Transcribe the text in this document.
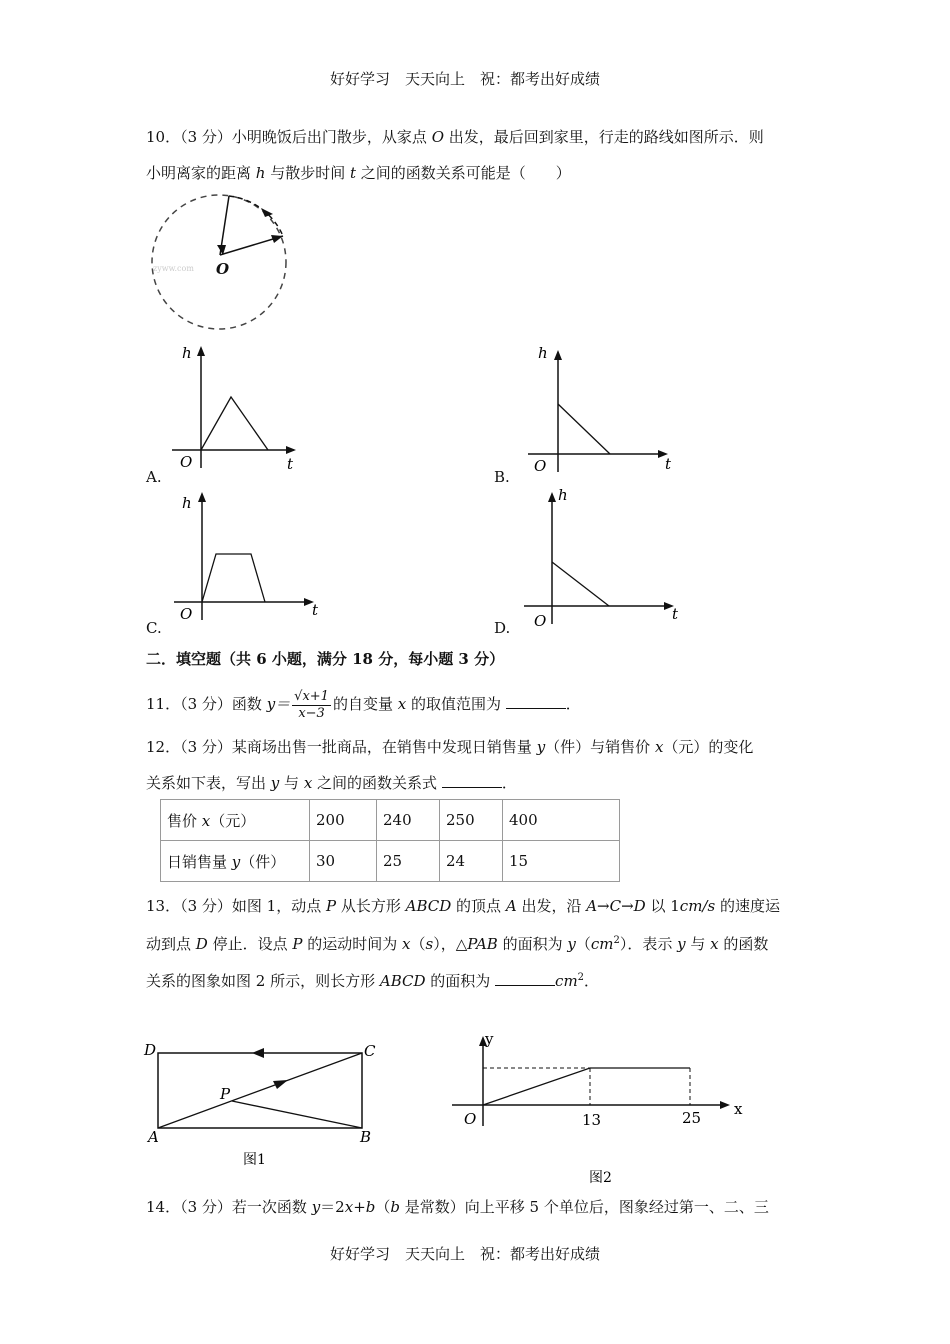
好好学习　天天向上　祝：都考出好成绩
10．（3 分）小明晚饭后出门散步，从家点 O 出发，最后回到家里，行走的路线如图所示．则
小明离家的距离 h 与散步时间 t 之间的函数关系可能是（　　）
zyww.com O
h
t
O
A.
h
t
O
B.
h
t
O
C.
h
t
O
D.
二．填空题（共 6 小题，满分 18 分，每小题 3 分）
11．（3 分）函数 $y= \frac{√x+1}{x-3}$ 的自变量 x 的取值范围为	．
12．（3 分）某商场出售一批商品，在销售中发现日销售量 y（件）与销售价 x（元）的变化
关系如下表，写出 y 与 x 之间的函数关系式	．
售价 x（元）	200	240	250	400
日销售量 y（件）	30	25	24	15
13．（3 分）如图 1，动点 P 从长方形 ABCD 的顶点 A 出发，沿 A→C→D 以 1cm/s 的速度运
动到点 D 停止．设点 P 的运动时间为 x（s），△PAB 的面积为 $y(cm^2)$．表示 y 与 x 的函数
关系的图象如图 2 所示，则长方形 ABCD 的面积为	$cm^2$．
D	C
P
A	B
图1
y
x
O	13	25
图2
14．（3 分）若一次函数 y＝2x+b（b 是常数）向上平移 5 个单位后，图象经过第一、二、三
好好学习　天天向上　祝：都考出好成绩
